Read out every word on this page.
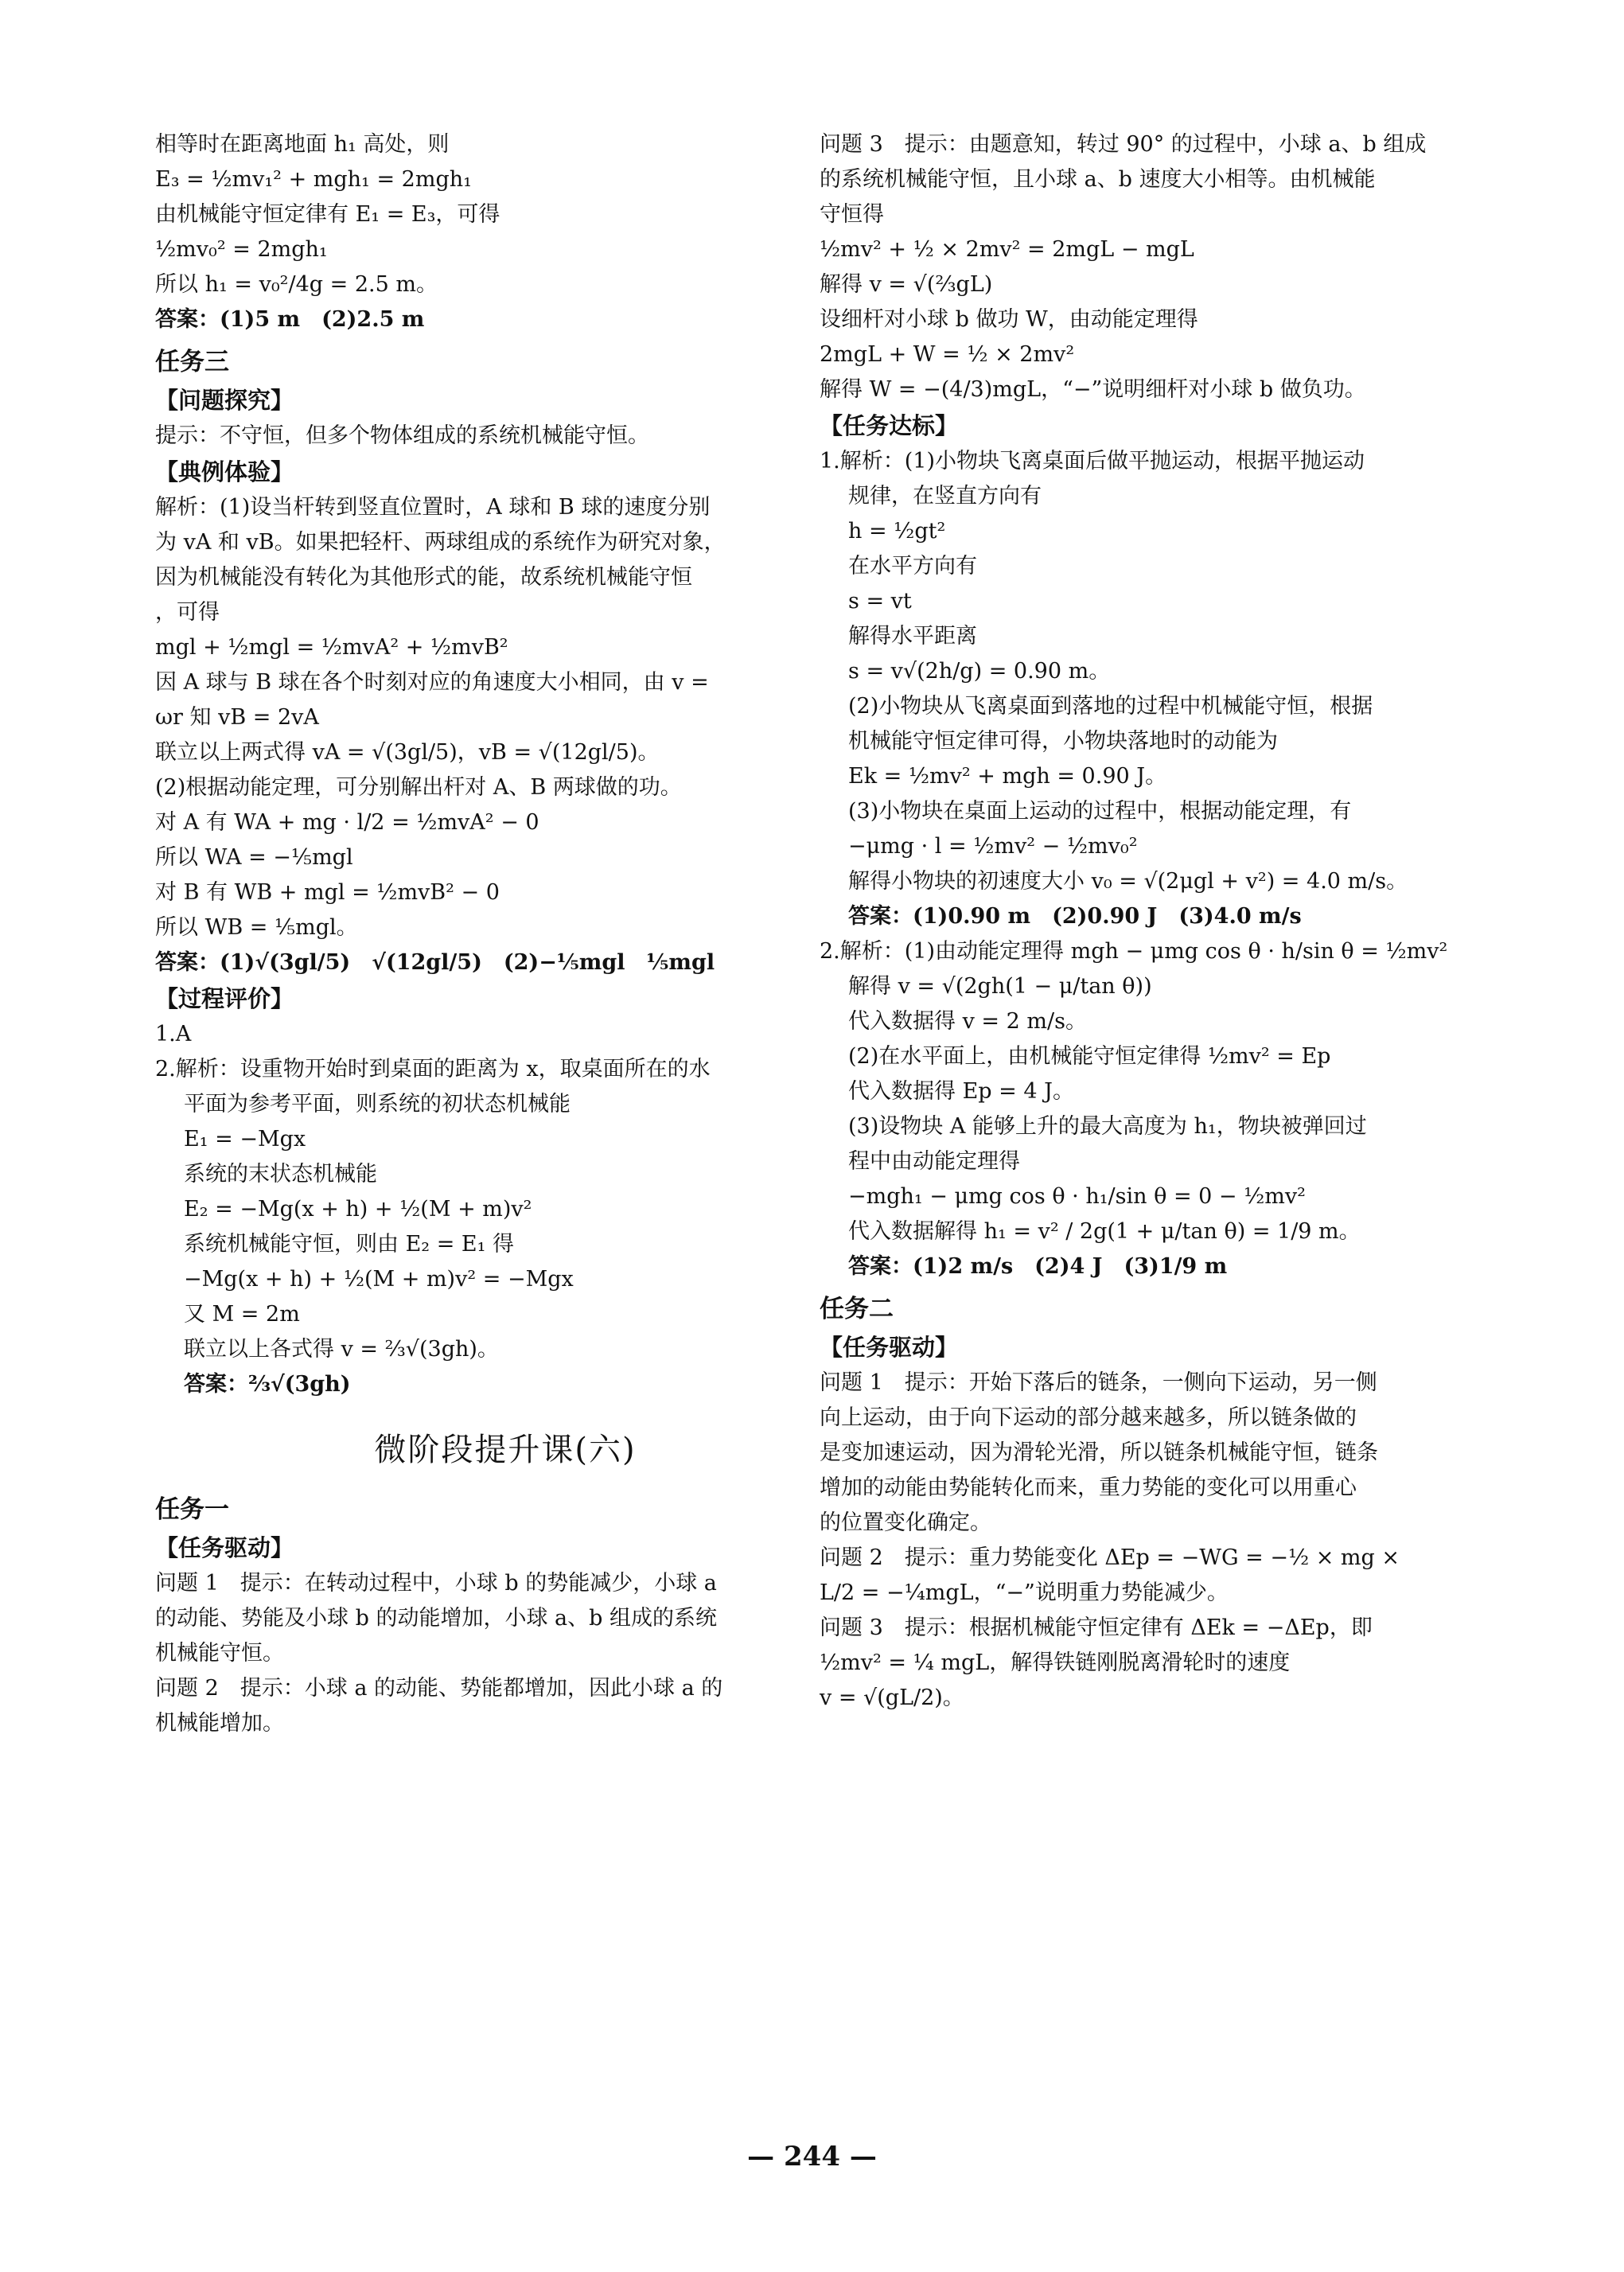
相等时在距离地面 h₁ 高处，则
E₃ = ½mv₁² + mgh₁ = 2mgh₁
由机械能守恒定律有 E₁ = E₃，可得
½mv₀² = 2mgh₁
所以 h₁ = v₀²/4g = 2.5 m。
答案：(1)5 m　(2)2.5 m
任务三
【问题探究】
提示：不守恒，但多个物体组成的系统机械能守恒。
【典例体验】
解析：(1)设当杆转到竖直位置时，A 球和 B 球的速度分别
为 vA 和 vB。如果把轻杆、两球组成的系统作为研究对象，
因为机械能没有转化为其他形式的能，故系统机械能守恒
，可得
mgl + ½mgl = ½mvA² + ½mvB²
因 A 球与 B 球在各个时刻对应的角速度大小相同，由 v =
ωr 知 vB = 2vA
联立以上两式得 vA = √(3gl/5)，vB = √(12gl/5)。
(2)根据动能定理，可分别解出杆对 A、B 两球做的功。
对 A 有 WA + mg · l/2 = ½mvA² − 0
所以 WA = −⅕mgl
对 B 有 WB + mgl = ½mvB² − 0
所以 WB = ⅕mgl。
答案：(1)√(3gl/5)　√(12gl/5)　(2)−⅕mgl　⅕mgl
【过程评价】
1.A
2.解析：设重物开始时到桌面的距离为 x，取桌面所在的水
平面为参考平面，则系统的初状态机械能
E₁ = −Mgx
系统的末状态机械能
E₂ = −Mg(x + h) + ½(M + m)v²
系统机械能守恒，则由 E₂ = E₁ 得
−Mg(x + h) + ½(M + m)v² = −Mgx
又 M = 2m
联立以上各式得 v = ⅔√(3gh)。
答案：⅔√(3gh)
微阶段提升课(六)
任务一
【任务驱动】
问题 1　提示：在转动过程中，小球 b 的势能减少，小球 a
的动能、势能及小球 b 的动能增加，小球 a、b 组成的系统
机械能守恒。
问题 2　提示：小球 a 的动能、势能都增加，因此小球 a 的
机械能增加。
问题 3　提示：由题意知，转过 90° 的过程中，小球 a、b 组成
的系统机械能守恒，且小球 a、b 速度大小相等。由机械能
守恒得
½mv² + ½ × 2mv² = 2mgL − mgL
解得 v = √(⅔gL)
设细杆对小球 b 做功 W，由动能定理得
2mgL + W = ½ × 2mv²
解得 W = −(4/3)mgL，“−”说明细杆对小球 b 做负功。
【任务达标】
1.解析：(1)小物块飞离桌面后做平抛运动，根据平抛运动
规律，在竖直方向有
h = ½gt²
在水平方向有
s = vt
解得水平距离
s = v√(2h/g) = 0.90 m。
(2)小物块从飞离桌面到落地的过程中机械能守恒，根据
机械能守恒定律可得，小物块落地时的动能为
Ek = ½mv² + mgh = 0.90 J。
(3)小物块在桌面上运动的过程中，根据动能定理，有
−μmg · l = ½mv² − ½mv₀²
解得小物块的初速度大小 v₀ = √(2μgl + v²) = 4.0 m/s。
答案：(1)0.90 m　(2)0.90 J　(3)4.0 m/s
2.解析：(1)由动能定理得 mgh − μmg cos θ · h/sin θ = ½mv²
解得 v = √(2gh(1 − μ/tan θ))
代入数据得 v = 2 m/s。
(2)在水平面上，由机械能守恒定律得 ½mv² = Ep
代入数据得 Ep = 4 J。
(3)设物块 A 能够上升的最大高度为 h₁，物块被弹回过
程中由动能定理得
−mgh₁ − μmg cos θ · h₁/sin θ = 0 − ½mv²
代入数据解得 h₁ = v² / 2g(1 + μ/tan θ) = 1/9 m。
答案：(1)2 m/s　(2)4 J　(3)1/9 m
任务二
【任务驱动】
问题 1　提示：开始下落后的链条，一侧向下运动，另一侧
向上运动，由于向下运动的部分越来越多，所以链条做的
是变加速运动，因为滑轮光滑，所以链条机械能守恒，链条
增加的动能由势能转化而来，重力势能的变化可以用重心
的位置变化确定。
问题 2　提示：重力势能变化 ΔEp = −WG = −½ × mg ×
L/2 = −¼mgL，“−”说明重力势能减少。
问题 3　提示：根据机械能守恒定律有 ΔEk = −ΔEp，即
½mv² = ¼ mgL，解得铁链刚脱离滑轮时的速度
v = √(gL/2)。
— 244 —
